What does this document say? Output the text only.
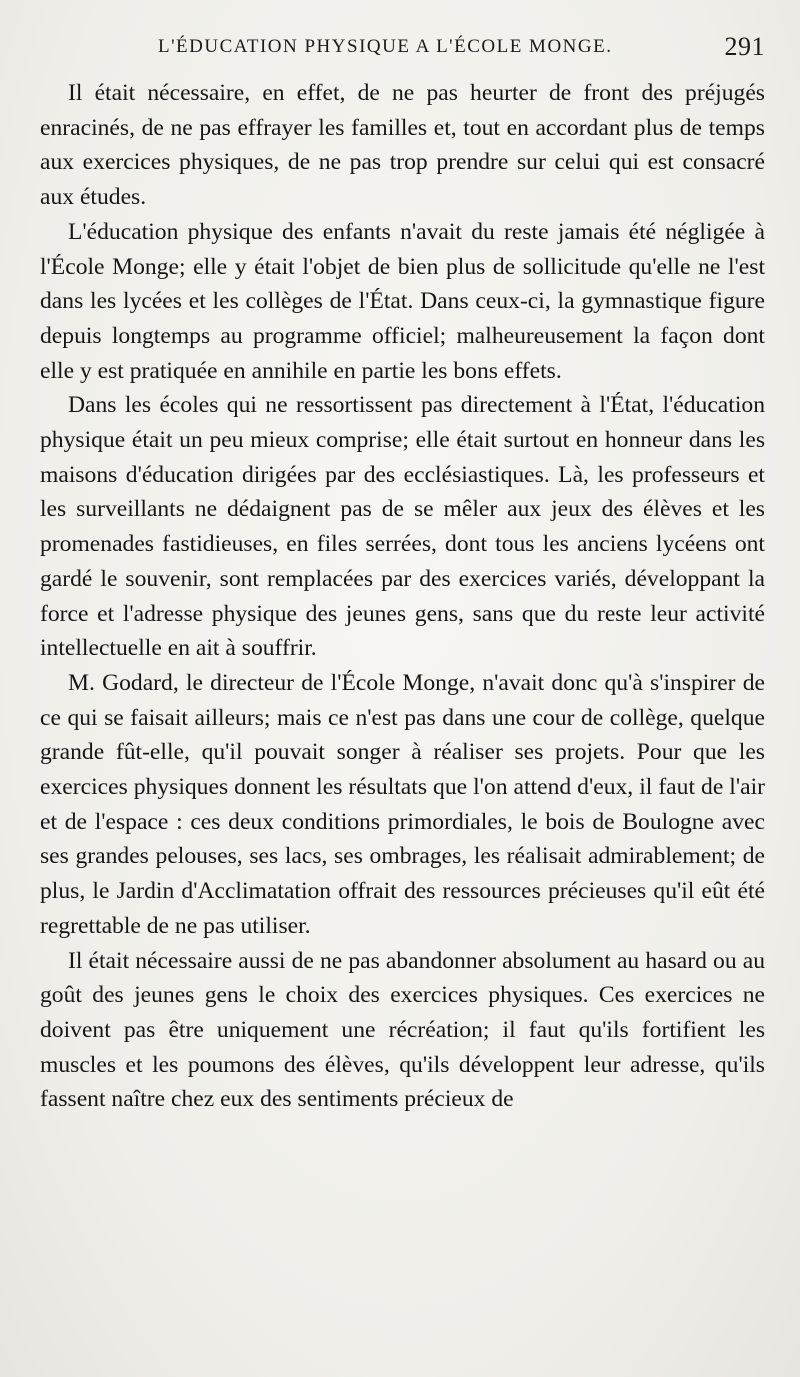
L'ÉDUCATION PHYSIQUE A L'ÉCOLE MONGE.	291

Il était nécessaire, en effet, de ne pas heurter de front des préjugés enracinés, de ne pas effrayer les familles et, tout en accordant plus de temps aux exercices physiques, de ne pas trop prendre sur celui qui est consacré aux études.

L'éducation physique des enfants n'avait du reste jamais été négligée à l'École Monge; elle y était l'objet de bien plus de sollicitude qu'elle ne l'est dans les lycées et les collèges de l'État. Dans ceux-ci, la gymnastique figure depuis longtemps au programme officiel; malheureusement la façon dont elle y est pratiquée en annihile en partie les bons effets.

Dans les écoles qui ne ressortissent pas directement à l'État, l'éducation physique était un peu mieux comprise; elle était surtout en honneur dans les maisons d'éducation dirigées par des ecclésiastiques. Là, les professeurs et les surveillants ne dédaignent pas de se mêler aux jeux des élèves et les promenades fastidieuses, en files serrées, dont tous les anciens lycéens ont gardé le souvenir, sont remplacées par des exercices variés, développant la force et l'adresse physique des jeunes gens, sans que du reste leur activité intellectuelle en ait à souffrir.

M. Godard, le directeur de l'École Monge, n'avait donc qu'à s'inspirer de ce qui se faisait ailleurs; mais ce n'est pas dans une cour de collège, quelque grande fût-elle, qu'il pouvait songer à réaliser ses projets. Pour que les exercices physiques donnent les résultats que l'on attend d'eux, il faut de l'air et de l'espace : ces deux conditions primordiales, le bois de Boulogne avec ses grandes pelouses, ses lacs, ses ombrages, les réalisait admirablement; de plus, le Jardin d'Acclimatation offrait des ressources précieuses qu'il eût été regrettable de ne pas utiliser.

Il était nécessaire aussi de ne pas abandonner absolument au hasard ou au goût des jeunes gens le choix des exercices physiques. Ces exercices ne doivent pas être uniquement une récréation; il faut qu'ils fortifient les muscles et les poumons des élèves, qu'ils développent leur adresse, qu'ils fassent naître chez eux des sentiments précieux de
